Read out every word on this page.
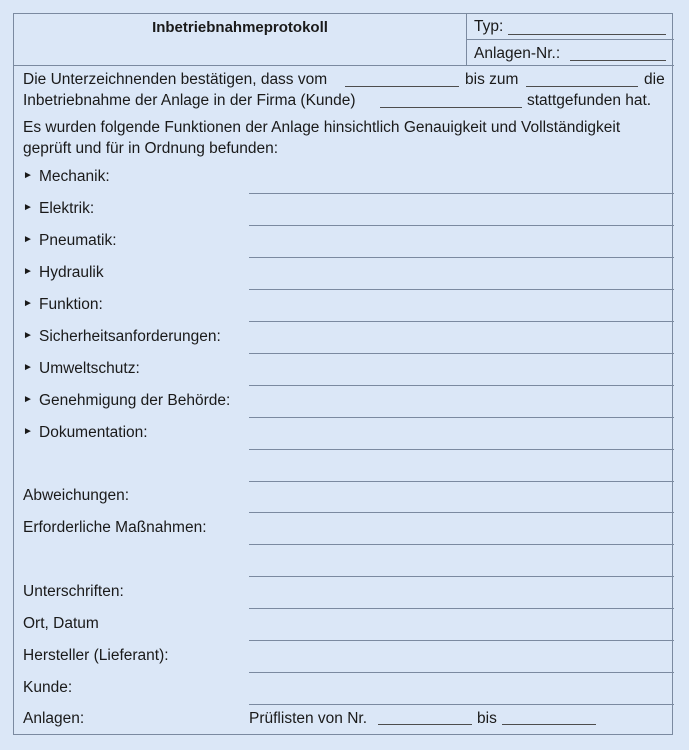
Inbetriebnahmeprotokoll	Typ:
Anlagen-Nr.:
Die Unterzeichnenden bestätigen, dass vom	bis zum	die
Inbetriebnahme der Anlage in der Firma (Kunde)	stattgefunden hat.
Es wurden folgende Funktionen der Anlage hinsichtlich Genauigkeit und Vollständigkeit
geprüft und für in Ordnung befunden:
► Mechanik:
► Elektrik:
► Pneumatik:
► Hydraulik
► Funktion:
► Sicherheitsanforderungen:
► Umweltschutz:
► Genehmigung der Behörde:
► Dokumentation:
Abweichungen:
Erforderliche Maßnahmen:
Unterschriften:
Ort, Datum
Hersteller (Lieferant):
Kunde:
Anlagen:	Prüflisten von Nr.	bis
